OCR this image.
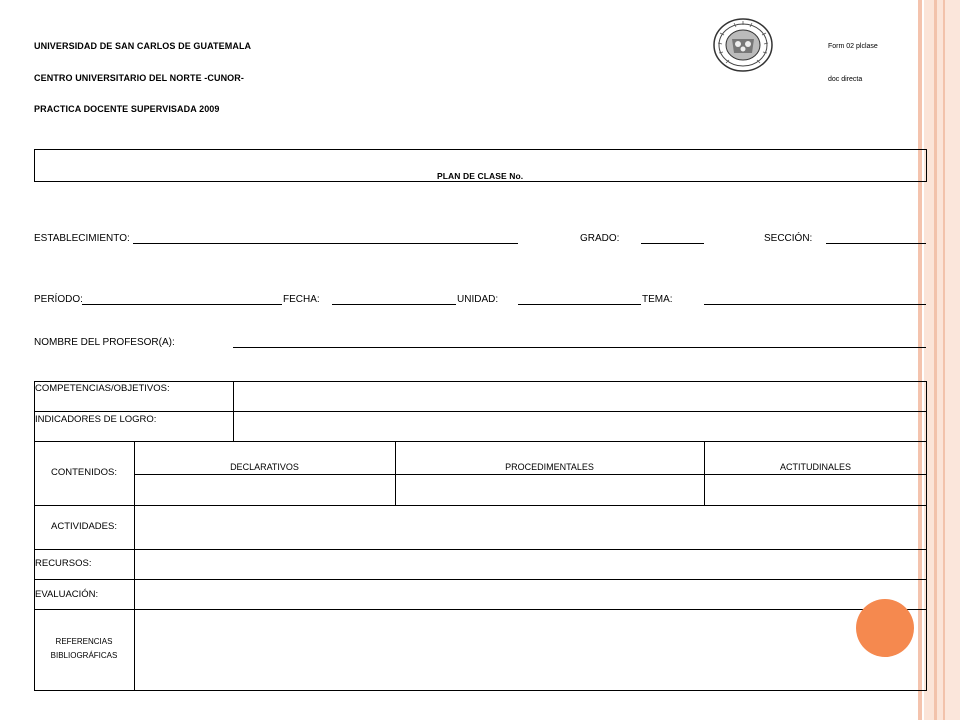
UNIVERSIDAD DE SAN CARLOS DE GUATEMALA
CENTRO UNIVERSITARIO DEL NORTE -CUNOR-
PRACTICA DOCENTE SUPERVISADA 2009
Form 02 plclase
doc directa
PLAN DE CLASE No.
ESTABLECIMIENTO:	GRADO:	SECCIÓN:
PERÍODO:	FECHA:	UNIDAD:	TEMA:
NOMBRE DEL PROFESOR(A):
COMPETENCIAS/OBJETIVOS:
INDICADORES DE LOGRO:
CONTENIDOS:	DECLARATIVOS	PROCEDIMENTALES	ACTITUDINALES
ACTIVIDADES:
RECURSOS:
EVALUACIÓN:
REFERENCIAS
BIBLIOGRÁFICAS
